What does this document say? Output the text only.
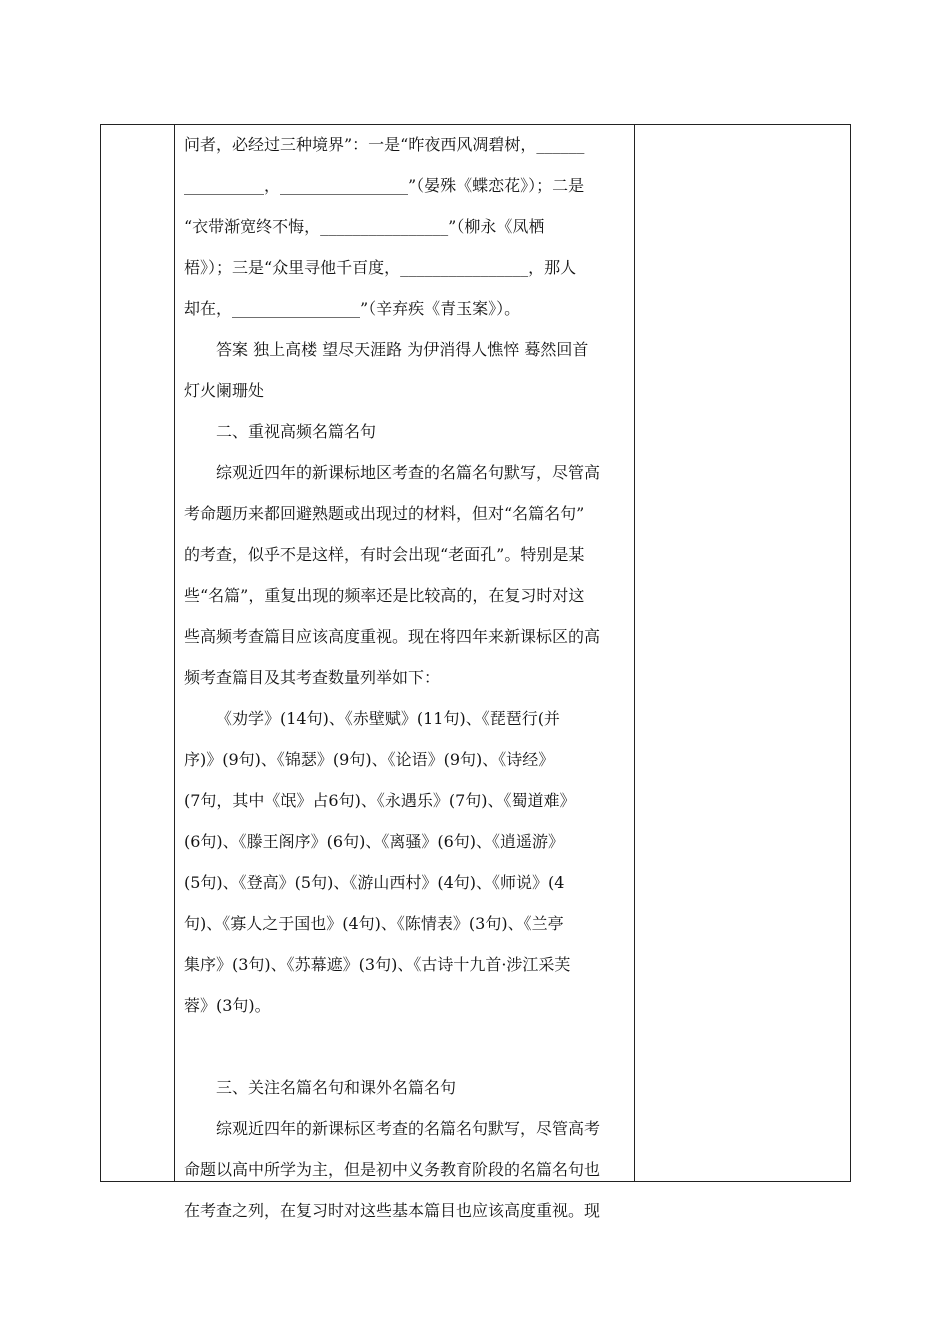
问者，必经过三种境界”：一是“昨夜西风凋碧树，______

__________，________________”（晏殊《蝶恋花》）；二是

“衣带渐宽终不悔，________________”（柳永《凤栖

梧》）；三是“众里寻他千百度，________________，那人

却在，________________”（辛弃疾《青玉案》）。

答案 独上高楼 望尽天涯路 为伊消得人憔悴 蓦然回首

灯火阑珊处

二、重视高频名篇名句

综观近四年的新课标地区考查的名篇名句默写，尽管高

考命题历来都回避熟题或出现过的材料，但对“名篇名句”

的考查，似乎不是这样，有时会出现“老面孔”。特别是某

些“名篇”，重复出现的频率还是比较高的，在复习时对这

些高频考查篇目应该高度重视。现在将四年来新课标区的高

频考查篇目及其考查数量列举如下：

《劝学》(14句)、《赤壁赋》(11句)、《琵琶行(并

序)》(9句)、《锦瑟》(9句)、《论语》(9句)、《诗经》

(7句，其中《氓》占6句)、《永遇乐》(7句)、《蜀道难》

(6句)、《滕王阁序》(6句)、《离骚》(6句)、《逍遥游》

(5句)、《登高》(5句)、《游山西村》(4句)、《师说》(4

句)、《寡人之于国也》(4句)、《陈情表》(3句)、《兰亭

集序》(3句)、《苏幕遮》(3句)、《古诗十九首·涉江采芙

蓉》(3句)。

三、关注名篇名句和课外名篇名句

综观近四年的新课标区考查的名篇名句默写，尽管高考

命题以高中所学为主，但是初中义务教育阶段的名篇名句也

在考查之列，在复习时对这些基本篇目也应该高度重视。现
